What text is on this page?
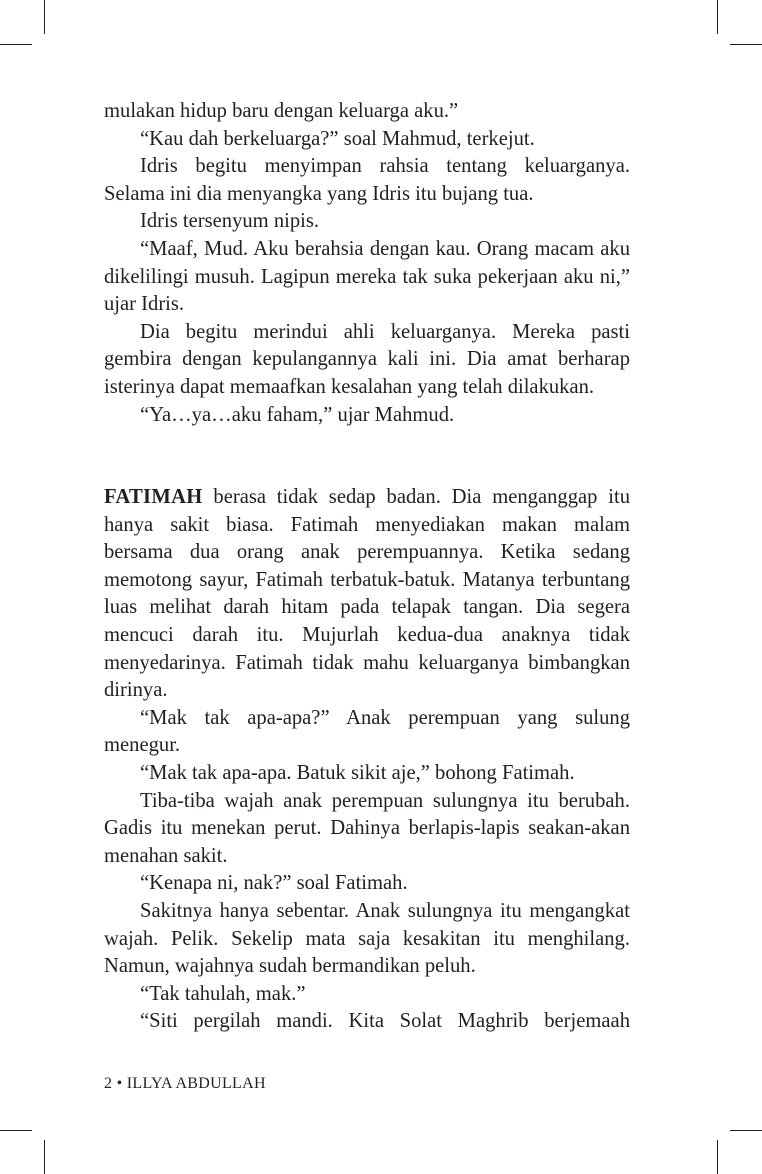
mulakan hidup baru dengan keluarga aku.”

“Kau dah berkeluarga?” soal Mahmud, terkejut.

Idris begitu menyimpan rahsia tentang keluarganya. Selama ini dia menyangka yang Idris itu bujang tua.

Idris tersenyum nipis.

“Maaf, Mud. Aku berahsia dengan kau. Orang macam aku dikelilingi musuh. Lagipun mereka tak suka pekerjaan aku ni,” ujar Idris.

Dia begitu merindui ahli keluarganya. Mereka pasti gembira dengan kepulangannya kali ini. Dia amat berharap isterinya dapat memaafkan kesalahan yang telah dilakukan.

“Ya…ya…aku faham,” ujar Mahmud.

FATIMAH berasa tidak sedap badan. Dia menganggap itu hanya sakit biasa. Fatimah menyediakan makan malam bersama dua orang anak perempuannya. Ketika sedang memotong sayur, Fatimah terbatuk-batuk. Matanya terbuntang luas melihat darah hitam pada telapak tangan. Dia segera mencuci darah itu. Mujurlah kedua-dua anaknya tidak menyedarinya. Fatimah tidak mahu keluarganya bimbangkan dirinya.

“Mak tak apa-apa?” Anak perempuan yang sulung menegur.

“Mak tak apa-apa. Batuk sikit aje,” bohong Fatimah.

Tiba-tiba wajah anak perempuan sulungnya itu berubah. Gadis itu menekan perut. Dahinya berlapis-lapis seakan-akan menahan sakit.

“Kenapa ni, nak?” soal Fatimah.

Sakitnya hanya sebentar. Anak sulungnya itu mengangkat wajah. Pelik. Sekelip mata saja kesakitan itu menghilang. Namun, wajahnya sudah bermandikan peluh.

“Tak tahulah, mak.”

“Siti pergilah mandi. Kita Solat Maghrib berjemaah

2 • ILLYA ABDULLAH
